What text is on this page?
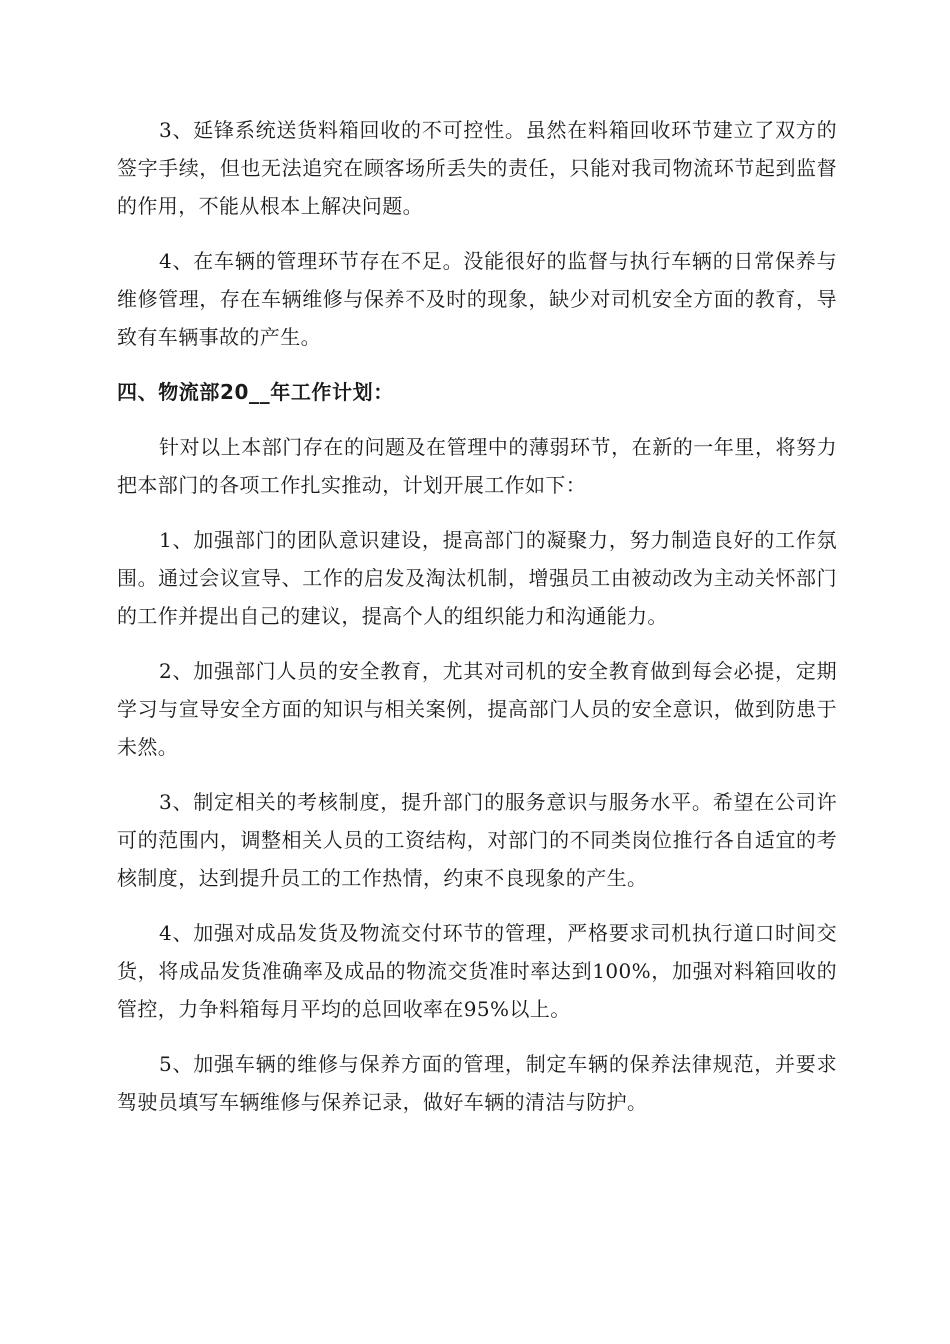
3、延锋系统送货料箱回收的不可控性。虽然在料箱回收环节建立了双方的签字手续，但也无法追究在顾客场所丢失的责任，只能对我司物流环节起到监督的作用，不能从根本上解决问题。

4、在车辆的管理环节存在不足。没能很好的监督与执行车辆的日常保养与维修管理，存在车辆维修与保养不及时的现象，缺少对司机安全方面的教育，导致有车辆事故的产生。

四、物流部20__年工作计划：

针对以上本部门存在的问题及在管理中的薄弱环节，在新的一年里，将努力把本部门的各项工作扎实推动，计划开展工作如下：

1、加强部门的团队意识建设，提高部门的凝聚力，努力制造良好的工作氛围。通过会议宣导、工作的启发及淘汰机制，增强员工由被动改为主动关怀部门的工作并提出自己的建议，提高个人的组织能力和沟通能力。

2、加强部门人员的安全教育，尤其对司机的安全教育做到每会必提，定期学习与宣导安全方面的知识与相关案例，提高部门人员的安全意识，做到防患于未然。

3、制定相关的考核制度，提升部门的服务意识与服务水平。希望在公司许可的范围内，调整相关人员的工资结构，对部门的不同类岗位推行各自适宜的考核制度，达到提升员工的工作热情，约束不良现象的产生。

4、加强对成品发货及物流交付环节的管理，严格要求司机执行道口时间交货，将成品发货准确率及成品的物流交货准时率达到100%，加强对料箱回收的管控，力争料箱每月平均的总回收率在95%以上。

5、加强车辆的维修与保养方面的管理，制定车辆的保养法律规范，并要求驾驶员填写车辆维修与保养记录，做好车辆的清洁与防护。
